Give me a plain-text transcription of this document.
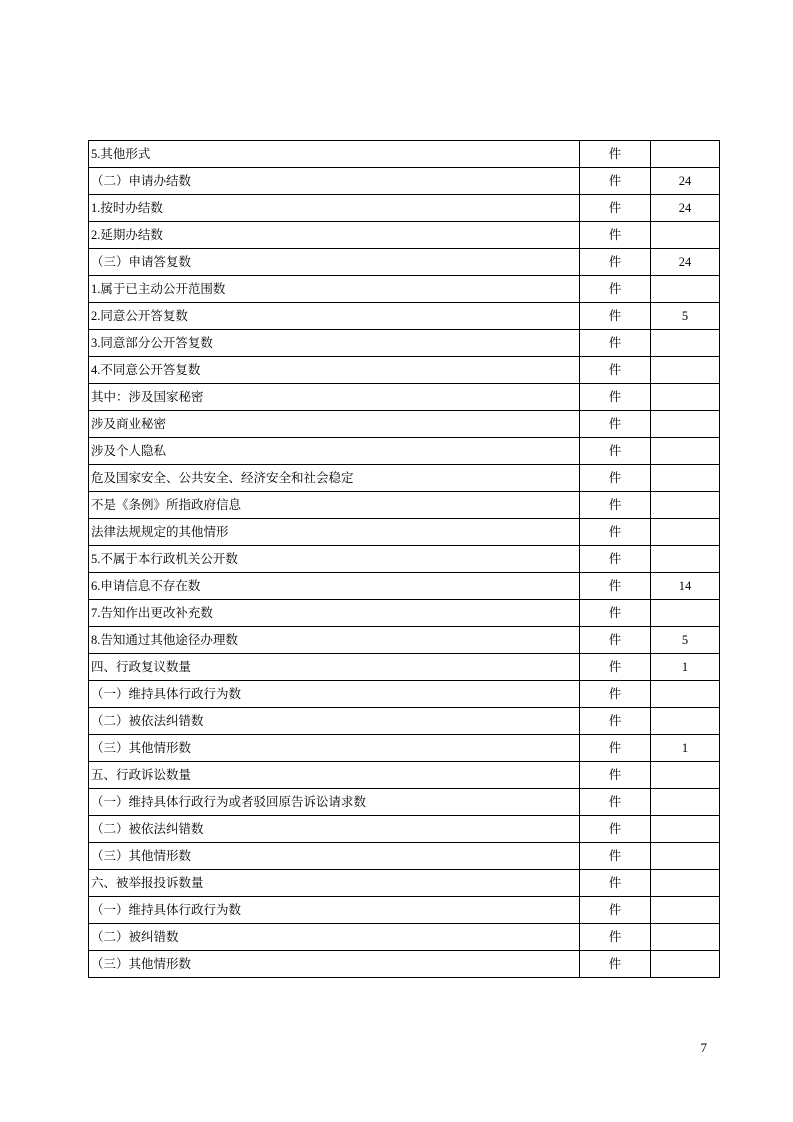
5.其他形式	件	
（二）申请办结数	件	24
1.按时办结数	件	24
2.延期办结数	件	
（三）申请答复数	件	24
1.属于已主动公开范围数	件	
2.同意公开答复数	件	5
3.同意部分公开答复数	件	
4.不同意公开答复数	件	
其中：涉及国家秘密	件	
涉及商业秘密	件	
涉及个人隐私	件	
危及国家安全、公共安全、经济安全和社会稳定	件	
不是《条例》所指政府信息	件	
法律法规规定的其他情形	件	
5.不属于本行政机关公开数	件	
6.申请信息不存在数	件	14
7.告知作出更改补充数	件	
8.告知通过其他途径办理数	件	5
四、行政复议数量	件	1
（一）维持具体行政行为数	件	
（二）被依法纠错数	件	
（三）其他情形数	件	1
五、行政诉讼数量	件	
（一）维持具体行政行为或者驳回原告诉讼请求数	件	
（二）被依法纠错数	件	
（三）其他情形数	件	
六、被举报投诉数量	件	
（一）维持具体行政行为数	件	
（二）被纠错数	件	
（三）其他情形数	件	
7
